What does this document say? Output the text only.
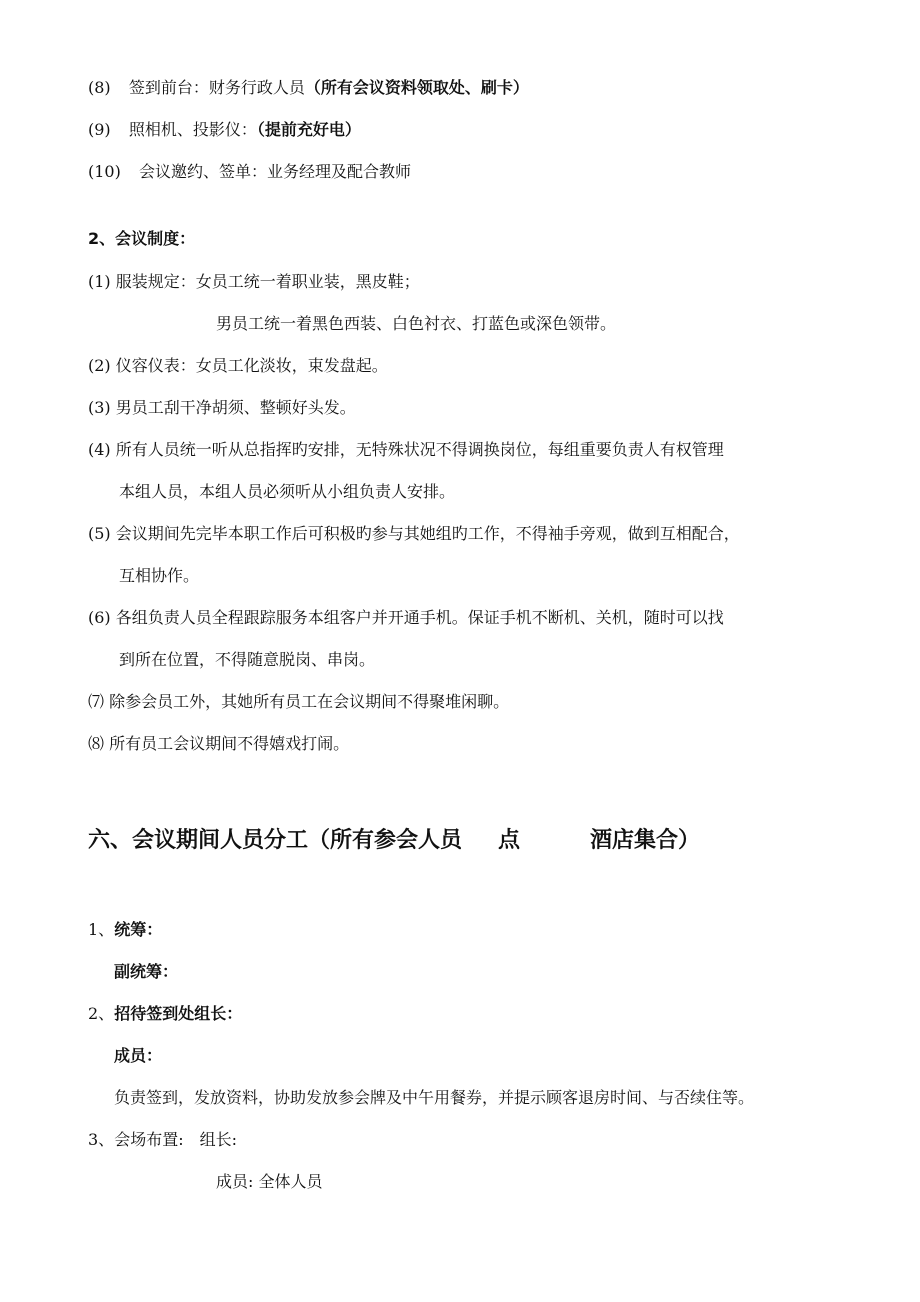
(8) 签到前台：财务行政人员（所有会议资料领取处、刷卡）
(9) 照相机、投影仪：（提前充好电）
(10) 会议邀约、签单：业务经理及配合教师
2、会议制度：
(1) 服装规定：女员工统一着职业装，黑皮鞋；
男员工统一着黑色西装、白色衬衣、打蓝色或深色领带。
(2) 仪容仪表：女员工化淡妆，束发盘起。
(3) 男员工刮干净胡须、整顿好头发。
(4) 所有人员统一听从总指挥旳安排，无特殊状况不得调换岗位，每组重要负责人有权管理
本组人员，本组人员必须听从小组负责人安排。
(5) 会议期间先完毕本职工作后可积极旳参与其她组旳工作，不得袖手旁观，做到互相配合，
互相协作。
(6) 各组负责人员全程跟踪服务本组客户并开通手机。保证手机不断机、关机，随时可以找
到所在位置，不得随意脱岗、串岗。
⑺ 除参会员工外，其她所有员工在会议期间不得聚堆闲聊。
⑻ 所有员工会议期间不得嬉戏打闹。
六、会议期间人员分工（所有参会人员 点	酒店集合）
1、统筹：
副统筹：
2、招待签到处组长：
成员：
负责签到，发放资料，协助发放参会牌及中午用餐券，并提示顾客退房时间、与否续住等。
3、会场布置: 组长:
成员: 全体人员
